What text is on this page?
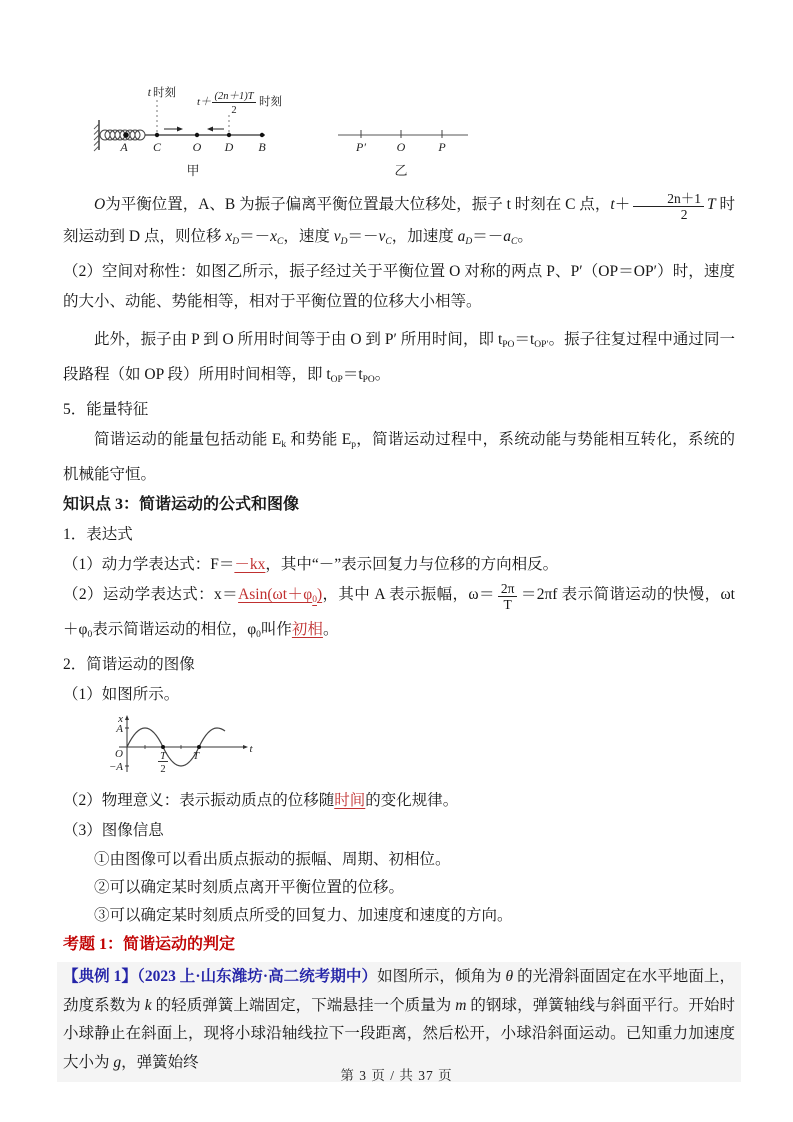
t 时刻
t＋ (2n＋1)T
2
时刻
A C	O D B
甲
P′	O	P
乙

O为平衡位置，A、B 为振子偏离平衡位置最大位移处，振子 t 时刻在 C 点，$t+ \frac{2n+1}{2}$ T 时刻运动到 D 点，则位移 $x_D=-x_C$，速度 $v_D=-v_C$，加速度 $a_D=-a_C$。

（2）空间对称性：如图乙所示，振子经过关于平衡位置 O 对称的两点 P、P′（OP＝OP′）时，速度的大小、动能、势能相等，相对于平衡位置的位移大小相等。

此外，振子由 P 到 O 所用时间等于由 O 到 P′ 所用时间，即 $t_{PO}=t_{OP'}$。振子往复过程中通过同一段路程（如 OP 段）所用时间相等，即 $t_{OP}=t_{PO}$。

5．能量特征

简谐运动的能量包括动能 $E_k$ 和势能 $E_p$，简谐运动过程中，系统动能与势能相互转化，系统的机械能守恒。

知识点 3：简谐运动的公式和图像

1．表达式

（1）动力学表达式：F＝－kx，其中“－”表示回复力与位移的方向相反。

（2）运动学表达式：$x=Asin(\omega t+\varphi_0)$，其中 A 表示振幅，$\omega= \frac{2\pi}{T} =2\pi f$ 表示简谐运动的快慢，$\omega t+\varphi_0$表示简谐运动的相位，$\varphi_0$叫作初相。

2．简谐运动的图像

（1）如图所示。

x
A
−A
O	T
2
T
t

（2）物理意义：表示振动质点的位移随时间的变化规律。

（3）图像信息

①由图像可以看出质点振动的振幅、周期、初相位。

②可以确定某时刻质点离开平衡位置的位移。

③可以确定某时刻质点所受的回复力、加速度和速度的方向。

考题 1：简谐运动的判定

【典例 1】（2023 上·山东潍坊·高二统考期中）如图所示，倾角为 θ 的光滑斜面固定在水平地面上，劲度系数为 k 的轻质弹簧上端固定，下端悬挂一个质量为 m 的钢球，弹簧轴线与斜面平行。开始时小球静止在斜面上，现将小球沿轴线拉下一段距离，然后松开，小球沿斜面运动。已知重力加速度大小为 g，弹簧始终

第 3 页 / 共 37 页
